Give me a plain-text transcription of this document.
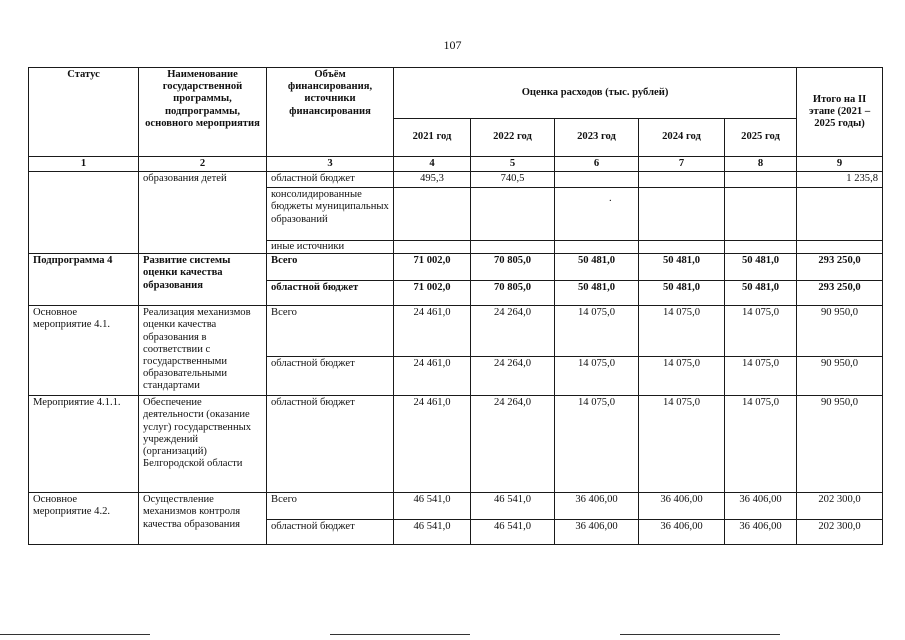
107
Статус	Наименование государственной программы, подпрограммы, основного мероприятия	Объём финансирования, источники финансирования	Оценка расходов (тыс. рублей)					Итого на II этапе (2021 – 2025 годы)
			2021 год	2022 год	2023 год	2024 год	2025 год	
1	2	3	4	5	6	7	8	9
	образования детей	областной бюджет	495,3	740,5				1 235,8
		консолидированные бюджеты муниципальных образований			.			

		иные источники						
Подпрограмма 4	Развитие системы оценки качества образования	Всего	71 002,0	70 805,0	50 481,0	50 481,0	50 481,0	293 250,0
		областной бюджет	71 002,0	70 805,0	50 481,0	50 481,0	50 481,0	293 250,0
Основное мероприятие 4.1.	Реализация механизмов оценки качества образования в соответствии с государственными образовательными стандартами	Всего	24 461,0	24 264,0	14 075,0	14 075,0	14 075,0	90 950,0
		областной бюджет	24 461,0	24 264,0	14 075,0	14 075,0	14 075,0	90 950,0
Мероприятие 4.1.1.	Обеспечение деятельности (оказание услуг) государственных учреждений (организаций) Белгородской области	областной бюджет	24 461,0	24 264,0	14 075,0	14 075,0	14 075,0	90 950,0
Основное мероприятие 4.2.	Осуществление механизмов контроля качества образования	Всего	46 541,0	46 541,0	36 406,00	36 406,00	36 406,00	202 300,0
		областной бюджет	46 541,0	46 541,0	36 406,00	36 406,00	36 406,00	202 300,0
